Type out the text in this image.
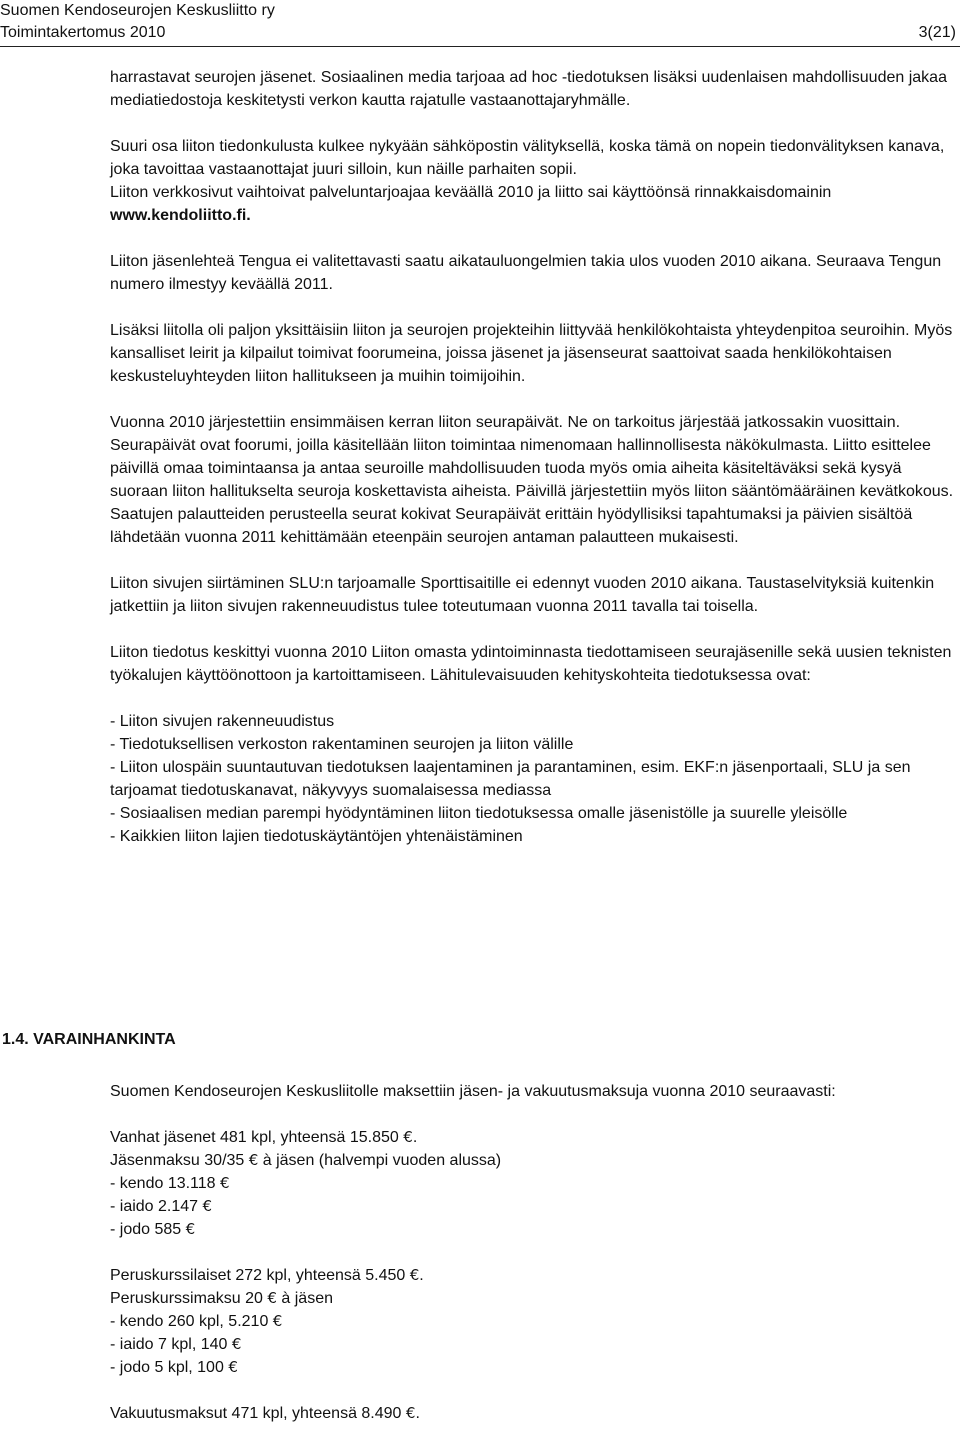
Suomen Kendoseurojen Keskusliitto ry
Toimintakertomus 2010	3(21)

harrastavat seurojen jäsenet. Sosiaalinen media tarjoaa ad hoc -tiedotuksen lisäksi uudenlaisen mahdollisuuden jakaa mediatiedostoja keskitetysti verkon kautta rajatulle vastaanottajaryhmälle.

Suuri osa liiton tiedonkulusta kulkee nykyään sähköpostin välityksellä, koska tämä on nopein tiedonvälityksen kanava, joka tavoittaa vastaanottajat juuri silloin, kun näille parhaiten sopii.

Liiton verkkosivut vaihtoivat palveluntarjoajaa keväällä 2010 ja liitto sai käyttöönsä rinnakkaisdomainin www.kendoliitto.fi.

Liiton jäsenlehteä Tengua ei valitettavasti saatu aikatauluongelmien takia ulos vuoden 2010 aikana. Seuraava Tengun numero ilmestyy keväällä 2011.

Lisäksi liitolla oli paljon yksittäisiin liiton ja seurojen projekteihin liittyvää henkilökohtaista yhteydenpitoa seuroihin. Myös kansalliset leirit ja kilpailut toimivat foorumeina, joissa jäsenet ja jäsenseurat saattoivat saada henkilökohtaisen keskusteluyhteyden liiton hallitukseen ja muihin toimijoihin.

Vuonna 2010 järjestettiin ensimmäisen kerran liiton seurapäivät. Ne on tarkoitus järjestää jatkossakin vuosittain. Seurapäivät ovat foorumi, joilla käsitellään liiton toimintaa nimenomaan hallinnollisesta näkökulmasta. Liitto esittelee päivillä omaa toimintaansa ja antaa seuroille mahdollisuuden tuoda myös omia aiheita käsiteltäväksi sekä kysyä suoraan liiton hallitukselta seuroja koskettavista aiheista. Päivillä järjestettiin myös liiton sääntömääräinen kevätkokous. Saatujen palautteiden perusteella seurat kokivat Seurapäivät erittäin hyödyllisiksi tapahtumaksi ja päivien sisältöä lähdetään vuonna 2011 kehittämään eteenpäin seurojen antaman palautteen mukaisesti.

Liiton sivujen siirtäminen SLU:n tarjoamalle Sporttisaitille ei edennyt vuoden 2010 aikana. Taustaselvityksiä kuitenkin jatkettiin ja liiton sivujen rakenneuudistus tulee toteutumaan vuonna 2011 tavalla tai toisella.

Liiton tiedotus keskittyi vuonna 2010 Liiton omasta ydintoiminnasta tiedottamiseen seurajäsenille sekä uusien teknisten työkalujen käyttöönottoon ja kartoittamiseen. Lähitulevaisuuden kehityskohteita tiedotuksessa ovat:

- Liiton sivujen rakenneuudistus

- Tiedotuksellisen verkoston rakentaminen seurojen ja liiton välille

- Liiton ulospäin suuntautuvan tiedotuksen laajentaminen ja parantaminen, esim. EKF:n jäsenportaali, SLU ja sen tarjoamat tiedotuskanavat, näkyvyys suomalaisessa mediassa

- Sosiaalisen median parempi hyödyntäminen liiton tiedotuksessa omalle jäsenistölle ja suurelle yleisölle

- Kaikkien liiton lajien tiedotuskäytäntöjen yhtenäistäminen

1.4. VARAINHANKINTA

Suomen Kendoseurojen Keskusliitolle maksettiin jäsen- ja vakuutusmaksuja vuonna 2010 seuraavasti:

Vanhat jäsenet 481 kpl, yhteensä 15.850 €.

Jäsenmaksu 30/35 € à jäsen (halvempi vuoden alussa)

- kendo 13.118 €

- iaido 2.147 €

- jodo 585 €

Peruskurssilaiset 272 kpl, yhteensä 5.450 €.

Peruskurssimaksu 20 € à jäsen

- kendo 260 kpl, 5.210 €

- iaido 7 kpl, 140 €

- jodo 5 kpl, 100 €

Vakuutusmaksut 471 kpl, yhteensä 8.490 €.
